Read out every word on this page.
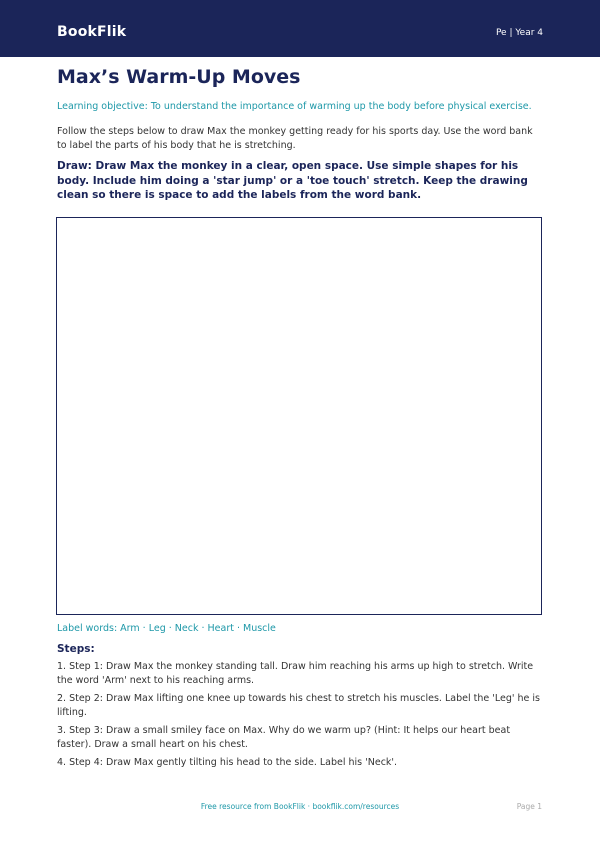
BookFlik	Pe | Year 4
Max’s Warm-Up Moves
Learning objective: To understand the importance of warming up the body before physical exercise.
Follow the steps below to draw Max the monkey getting ready for his sports day. Use the word bank to label the parts of his body that he is stretching.
Draw: Draw Max the monkey in a clear, open space. Use simple shapes for his body. Include him doing a 'star jump' or a 'toe touch' stretch. Keep the drawing clean so there is space to add the labels from the word bank.
Label words: Arm · Leg · Neck · Heart · Muscle
Steps:
1. Step 1: Draw Max the monkey standing tall. Draw him reaching his arms up high to stretch. Write the word 'Arm' next to his reaching arms.
2. Step 2: Draw Max lifting one knee up towards his chest to stretch his muscles. Label the 'Leg' he is lifting.
3. Step 3: Draw a small smiley face on Max. Why do we warm up? (Hint: It helps our heart beat faster). Draw a small heart on his chest.
4. Step 4: Draw Max gently tilting his head to the side. Label his 'Neck'.
Free resource from BookFlik · bookflik.com/resources	Page 1
